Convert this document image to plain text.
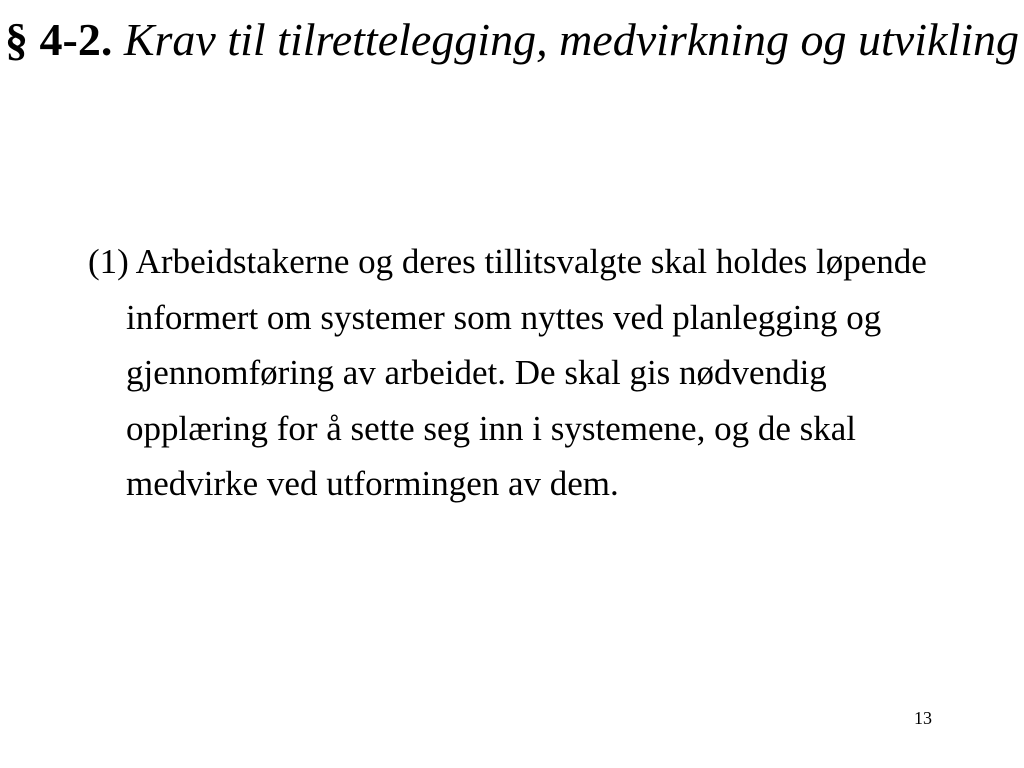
§ 4-2. Krav til tilrettelegging, medvirkning og utvikling

(1) Arbeidstakerne og deres tillitsvalgte skal holdes løpende informert om systemer som nyttes ved planlegging og gjennomføring av arbeidet. De skal gis nødvendig opplæring for å sette seg inn i systemene, og de skal medvirke ved utformingen av dem.

13
